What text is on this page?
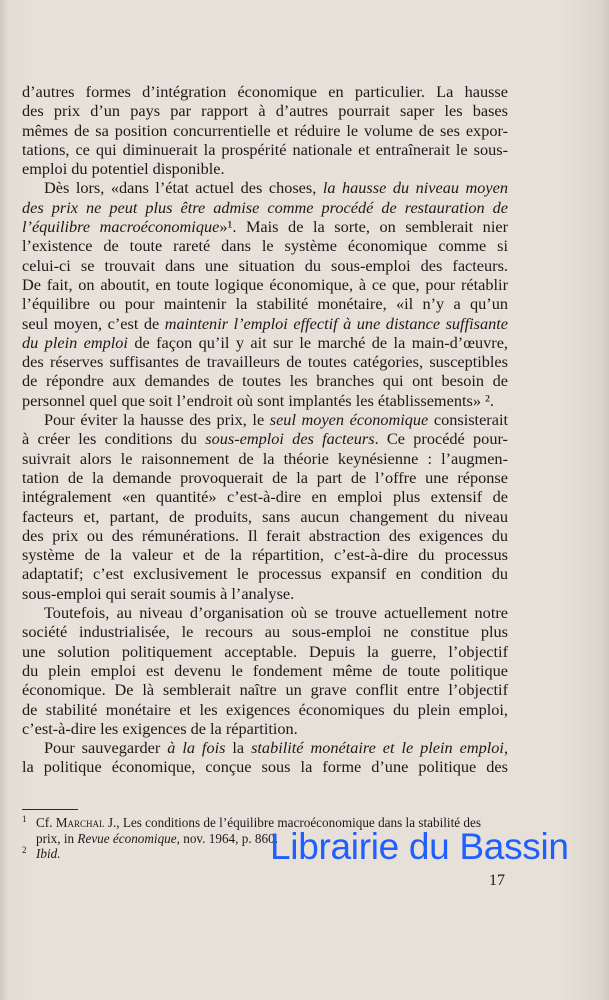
d’autres formes d’intégration économique en particulier. La hausse
des prix d’un pays par rapport à d’autres pourrait saper les bases
mêmes de sa position concurrentielle et réduire le volume de ses expor-
tations, ce qui diminuerait la prospérité nationale et entraînerait le sous-
emploi du potentiel disponible.
Dès lors, «dans l’état actuel des choses, la hausse du niveau moyen
des prix ne peut plus être admise comme procédé de restauration de
l’équilibre macroéconomique»¹. Mais de la sorte, on semblerait nier
l’existence de toute rareté dans le système économique comme si
celui-ci se trouvait dans une situation du sous-emploi des facteurs.
De fait, on aboutit, en toute logique économique, à ce que, pour rétablir
l’équilibre ou pour maintenir la stabilité monétaire, «il n’y a qu’un
seul moyen, c’est de maintenir l’emploi effectif à une distance suffisante
du plein emploi de façon qu’il y ait sur le marché de la main-d’œuvre,
des réserves suffisantes de travailleurs de toutes catégories, susceptibles
de répondre aux demandes de toutes les branches qui ont besoin de
personnel quel que soit l’endroit où sont implantés les établissements» ².
Pour éviter la hausse des prix, le seul moyen économique consisterait
à créer les conditions du sous-emploi des facteurs. Ce procédé pour-
suivrait alors le raisonnement de la théorie keynésienne : l’augmen-
tation de la demande provoquerait de la part de l’offre une réponse
intégralement «en quantité» c’est-à-dire en emploi plus extensif de
facteurs et, partant, de produits, sans aucun changement du niveau
des prix ou des rémunérations. Il ferait abstraction des exigences du
système de la valeur et de la répartition, c’est-à-dire du processus
adaptatif; c’est exclusivement le processus expansif en condition du
sous-emploi qui serait soumis à l’analyse.
Toutefois, au niveau d’organisation où se trouve actuellement notre
société industrialisée, le recours au sous-emploi ne constitue plus
une solution politiquement acceptable. Depuis la guerre, l’objectif
du plein emploi est devenu le fondement même de toute politique
économique. De là semblerait naître un grave conflit entre l’objectif
de stabilité monétaire et les exigences économiques du plein emploi,
c’est-à-dire les exigences de la répartition.
Pour sauvegarder à la fois la stabilité monétaire et le plein emploi,
la politique économique, conçue sous la forme d’une politique des
1 Cf. Marchal J., Les conditions de l’équilibre macroéconomique dans la stabilité des prix, in Revue économique, nov. 1964, p. 860.
2 Ibid.	Librairie du Bassin
17
